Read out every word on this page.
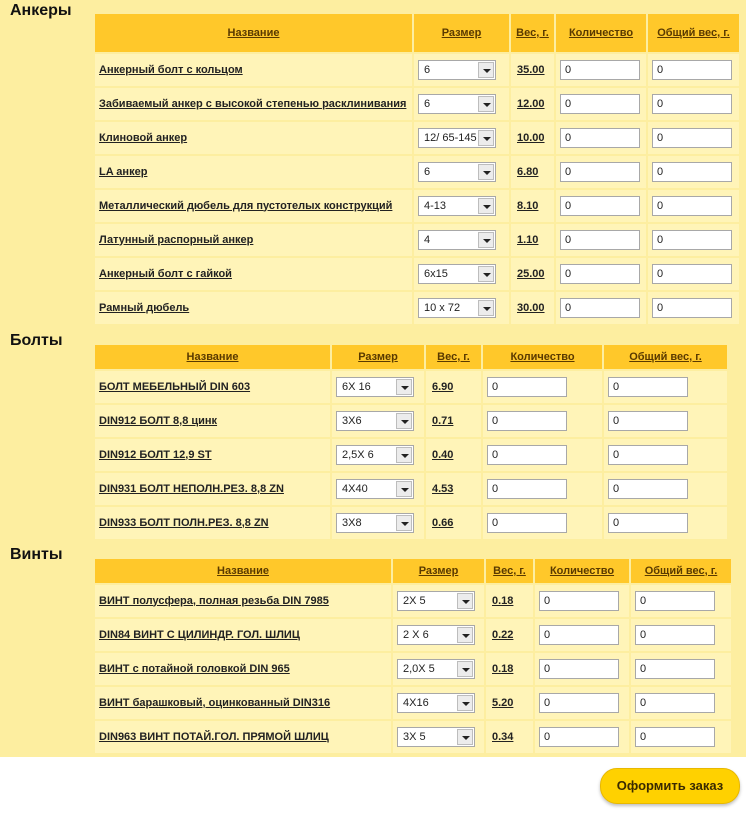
Анкеры
Название	Размер	Вес, г.	Количество	Общий вес, г.
Анкерный болт с кольцом	6	35.00	0	0

Забиваемый анкер с высокой степенью расклинивания	6	12.00	0	0

Клиновой анкер	12/ 65-145	10.00	0	0

LA анкер	6	6.80	0	0

Металлический дюбель для пустотелых конструкций	4-13	8.10	0	0

Латунный распорный анкер	4	1.10	0	0

Анкерный болт с гайкой	6x15	25.00	0	0

Рамный дюбель	10 x 72	30.00	0	0
Болты
Название	Размер	Вес, г.	Количество	Общий вес, г.
БОЛТ МЕБЕЛЬНЫЙ DIN 603	6X 16	6.90	0	0

DIN912 БОЛТ 8,8 цинк	3X6	0.71	0	0

DIN912 БОЛТ 12,9 ST	2,5X 6	0.40	0	0

DIN931 БОЛТ НЕПОЛН.РЕЗ. 8,8 ZN	4X40	4.53	0	0

DIN933 БОЛТ ПОЛН.РЕЗ. 8,8 ZN	3X8	0.66	0	0
Винты
Название	Размер	Вес, г.	Количество	Общий вес, г.
ВИНТ полусфера, полная резьба DIN 7985	2X 5	0.18	0	0

DIN84 ВИНТ С ЦИЛИНДР. ГОЛ. ШЛИЦ	2 X 6	0.22	0	0

ВИНТ с потайной головкой DIN 965	2,0X 5	0.18	0	0

ВИНТ барашковый, оцинкованный DIN316	4X16	5.20	0	0

DIN963 ВИНТ ПОТАЙ.ГОЛ. ПРЯМОЙ ШЛИЦ	3X 5	0.34	0	0
Оформить заказ
